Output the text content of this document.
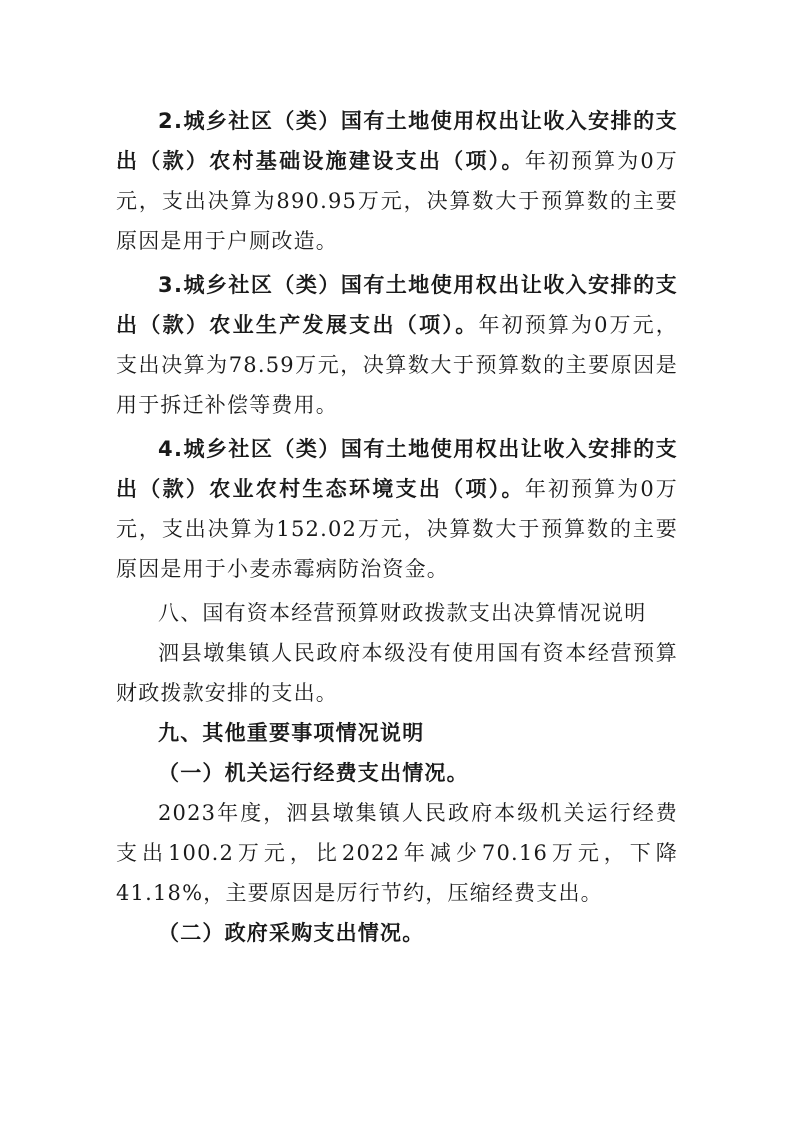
2.城乡社区（类）国有土地使用权出让收入安排的支出（款）农村基础设施建设支出（项）。年初预算为0万元，支出决算为890.95万元，决算数大于预算数的主要原因是用于户厕改造。

3.城乡社区（类）国有土地使用权出让收入安排的支出（款）农业生产发展支出（项）。年初预算为0万元，支出决算为78.59万元，决算数大于预算数的主要原因是用于拆迁补偿等费用。

4.城乡社区（类）国有土地使用权出让收入安排的支出（款）农业农村生态环境支出（项）。年初预算为0万元，支出决算为152.02万元，决算数大于预算数的主要原因是用于小麦赤霉病防治资金。

八、国有资本经营预算财政拨款支出决算情况说明

泗县墩集镇人民政府本级没有使用国有资本经营预算财政拨款安排的支出。

九、其他重要事项情况说明

（一）机关运行经费支出情况。

2023年度，泗县墩集镇人民政府本级机关运行经费支出100.2万元，比2022年减少70.16万元，下降41.18%，主要原因是厉行节约，压缩经费支出。

（二）政府采购支出情况。
